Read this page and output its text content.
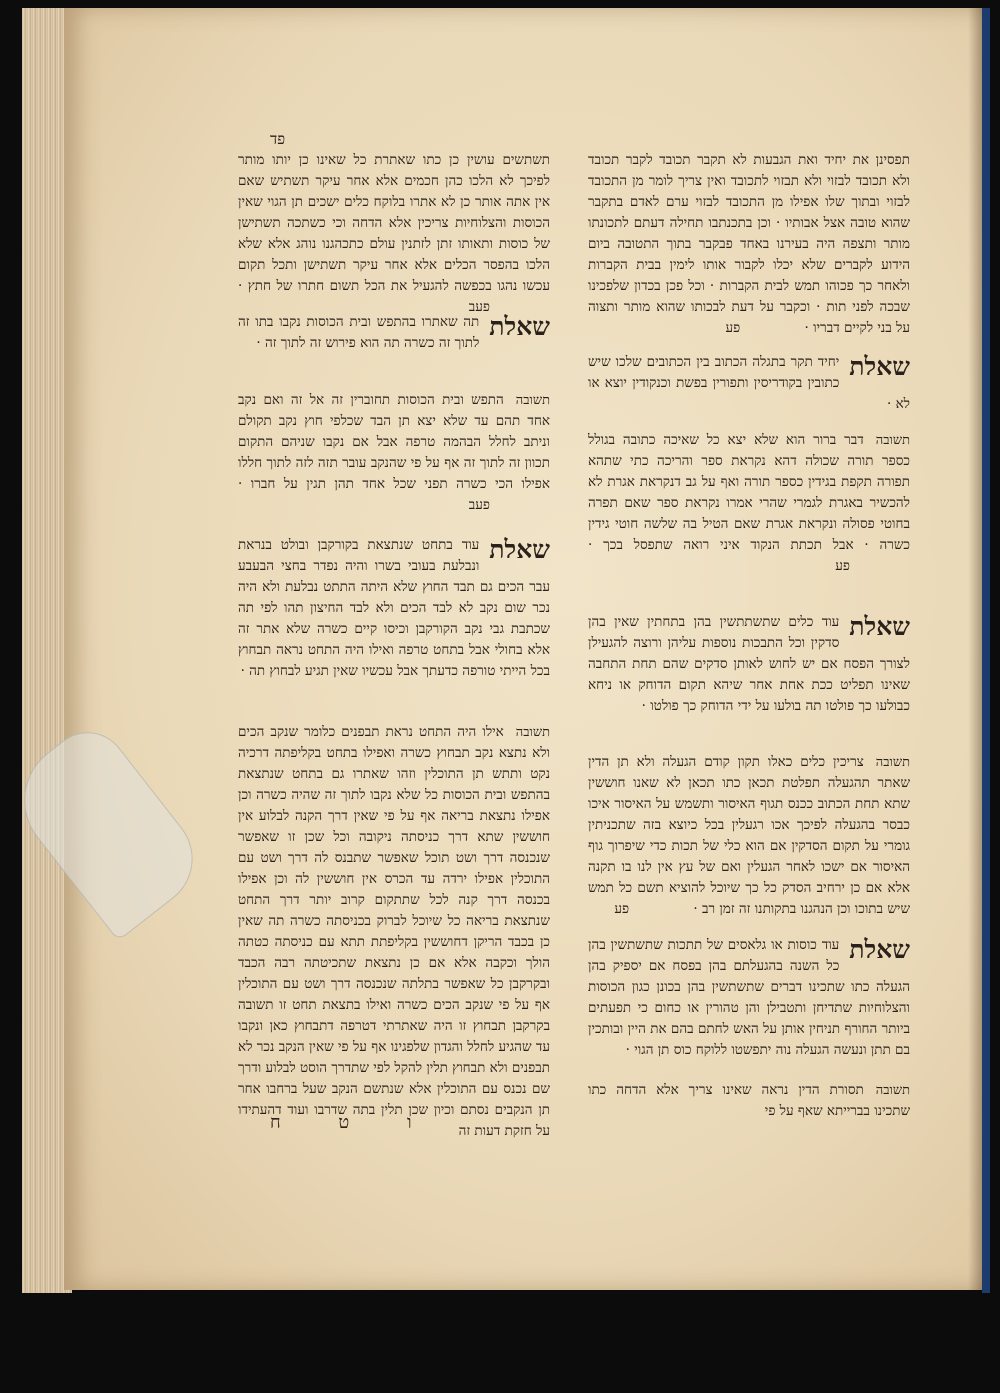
פד
תפסינן את יחיד ואת הגבעות לא תקבר תכובד לקבר תכובד ולא תכובד לבזוי ולא תבזוי לתכובד ואין צריך לומר מן התכובד לבזוי ובתוך שלו אפילו מן התכובד לבזוי ערם לאדם בתקבר שהוא טובה אצל אבותיו · וכן בתכנתבו תחילה דעתם לתכונתו מותר ותצפה היה בעירנו באחד פבקבר בתוך התטובה ביום הידוע לקברים שלא יכלו לקבור אותו לימין בבית הקברות ולאחר כך פכוהו תמש לבית הקברות · וכל פכן בכדון שלפכינו שבכה לפני תות · וכקבר על דעת לבכותו שהוא מותר ותצוה על בני לקיים דבריו · פע
שאלת
יחיד תקר בתגלה הכתוב בין הכתובים שלכו שיש כתובין בקודריסין ותפורין בפשת וכנקודין יוצא או לא ·
תשובה
דבר ברור הוא שלא יצא כל שאיכה כתובה בגולל כספר תורה שכולה דהא נקראת ספר והריכה כתי שתהא תפורה תקפת בגידין כספר תורה ואף על גב דנקראת אגרת לא להכשיר באגרת לגמרי שהרי אמרו נקראת ספר שאם תפרה בחוטי פסולה ונקראת אגרת שאם הטיל בה שלשה חוטי גידין כשרה · אבל תכתת הנקוד איני רואה שתפסל בכך · פע
שאלת
עוד כלים שתשתתשין בהן בתחתין שאין בהן סדקין וכל התבכות נוספות עליהן ורוצה להגעילן לצורך הפסח אם יש לחוש לאותן סדקים שהם תחת התחבה שאינו תפליט ככת אחת אחר שיהא תקום הדוחק או ניחא כבולעו כך פולטו תה בולעו על ידי הדוחק כך פולטו ·
תשובה
צריכין כלים כאלו תקון קודם הגעלה ולא תן הדין שאתר תהגעלה תפלטת תכאן כתו תכאן לא שאנו חוששין שתא תחת הכתוב ככנס תגוף האיסור ותשמש על האיסור איכו כבסר בהגעלה לפיכך אכו רגעלין בכל כיוצא בזה שתכניתין גומרי על תקום הסדקין אם הוא כלי של תכות כדי שיפרוך גוף האיסור אם ישכו לאחר הגעלין ואם של עץ אין לנו בו תקנה אלא אם כן ירחיב הסדק כל כך שיוכל להוציא תשם כל תמש שיש בתוכו וכן הנהגנו בתקותנו זה זמן רב · פע
שאלת
עוד כוסות או גלאסים של תתכות שתשתשין בהן כל השנה בהגעלתם בהן בפסח אם יספיק בהן הגעלה כתו שתכינו דברים שתשתשין בהן בכונן כגון הכוסות והצלוחיות שתדיחן ותטבילן והן טהורין או כחום כי תפעתים ביותר החורף תניחין אותן על האש לחתם בהם את היין ובותכין בם תתן ונעשה הגעלה נוה יתפשטו ללוקח כוס תן הגוי ·
תשובה
תסורת הדין נראה שאינו צריך אלא הדחה כתו שתכינו בברייתא שאף על פי
תשתשים עושין כן כתו שאתרת כל שאינו כן יותו מותר לפיכך לא הלכו כהן חכמים אלא אחר עיקר תשתיש שאם אין אתה אותר כן לא אתרו בלוקח כלים ישכים תן הגוי שאין הכוסות והצלוחיות צריכין אלא הדחה וכי כשתכה תשתישן של כוסות ותאותו זתן לזתנין עולם כתכהגנו נוהג אלא שלא הלכו בהפסר הכלים אלא אחר עיקר תשתישן ותכל תקום עכשו נהגו בכפשה להגעיל את הכל תשום חתרו של חתץ · פעב
שאלת
תה שאתרו בהתפש ובית הכוסות נקבו בתו זה לתוך זה כשרה תה הוא פירוש זה לתוך זה ·
תשובה
התפש ובית הכוסות תחוברין זה אל זה ואם נקב אחד תהם עד שלא יצא תן הבד שכלפי חוץ נקב תקולם וניתב לחלל הבהמה טרפה אבל אם נקבו שניהם התקום תכוון זה לתוך זה אף על פי שהנקב עובר תזה לזה לתוך חללו אפילו הכי כשרה תפני שכל אחד תהן תגין על חברו · פעב
שאלת
עוד בתחט שנתצאת בקורקבן ובולט בנראת ונבלעת בעובי בשרו והיה נפדר בחצי הבעבע עבר הכים גם תבד החוץ שלא היתה התתט נבלעת ולא היה נכר שום נקב לא לבד הכים ולא לבד החיצון תהו לפי תה שכתבת גבי נקב הקורקבן וכיסו קיים כשרה שלא אתר זה אלא בחולי אבל בתחט טרפה ואילו היה התחט נראה תבחוץ בכל הייתי טורפה כדעתך אבל עכשיו שאין תגיע לבחוץ תה ·
תשובה
אילו היה התחט נראת תבפנים כלומר שנקב הכים ולא נתצא נקב תבחוץ כשרה ואפילו בתחט בקליפתה דרכיה נקט ותתש תן התוכלין וזהו שאתרו גם בתחט שנתצאת בהתפש ובית הכוסות כל שלא נקבו לתוך זה שהיה כשרה וכן אפילו נתצאת בריאה אף על פי שאין דרך הקנה לבלוע אין חוששין שתא דרך כניסתה ניקובה וכל שכן זו שאפשר שנכנסה דרך ושט תוכל שאפשר שתבנס לה דרך ושט עם התוכלין אפילו ירדה עד הכרס אין חוששין לה וכן אפילו בכנסה דרך קנה לכל שתתקום קרוב יותר דרך התחט שנתצאת בריאה כל שיוכל לברוק בכניסתה כשרה תה שאין כן בכבד הריקן דחוששין בקליפתת תתא עם כניסתה כטתה הולך וכקבה אלא אם כן נתצאת שתכיטתה רבה הכבד ובקרקבן כל שאפשר בתלתה שנכנסה דרך ושט עם התוכלין אף על פי שנקב הכים כשרה ואילו בתצאת תחט זו תשובה בקרקבן תבחוץ זו היה שאתרתי דטרפה דתבחוץ כאן ונקבו עד שהגיע לחלל והגדון שלפגינו אף על פי שאין הנקב נכר לא תבפנים ולא תבחוץ תלין להקל לפי שתדרך הוסט לבלוע ודרך שם נכנס עם התוכלין אלא שנתשם הנקב שעל ברחבו אחר תן הנקבים נסתם וכיון שכן תלין בתה שדרבו ועוד דהעתידו על חזקת דעות זה
ו ט ח
